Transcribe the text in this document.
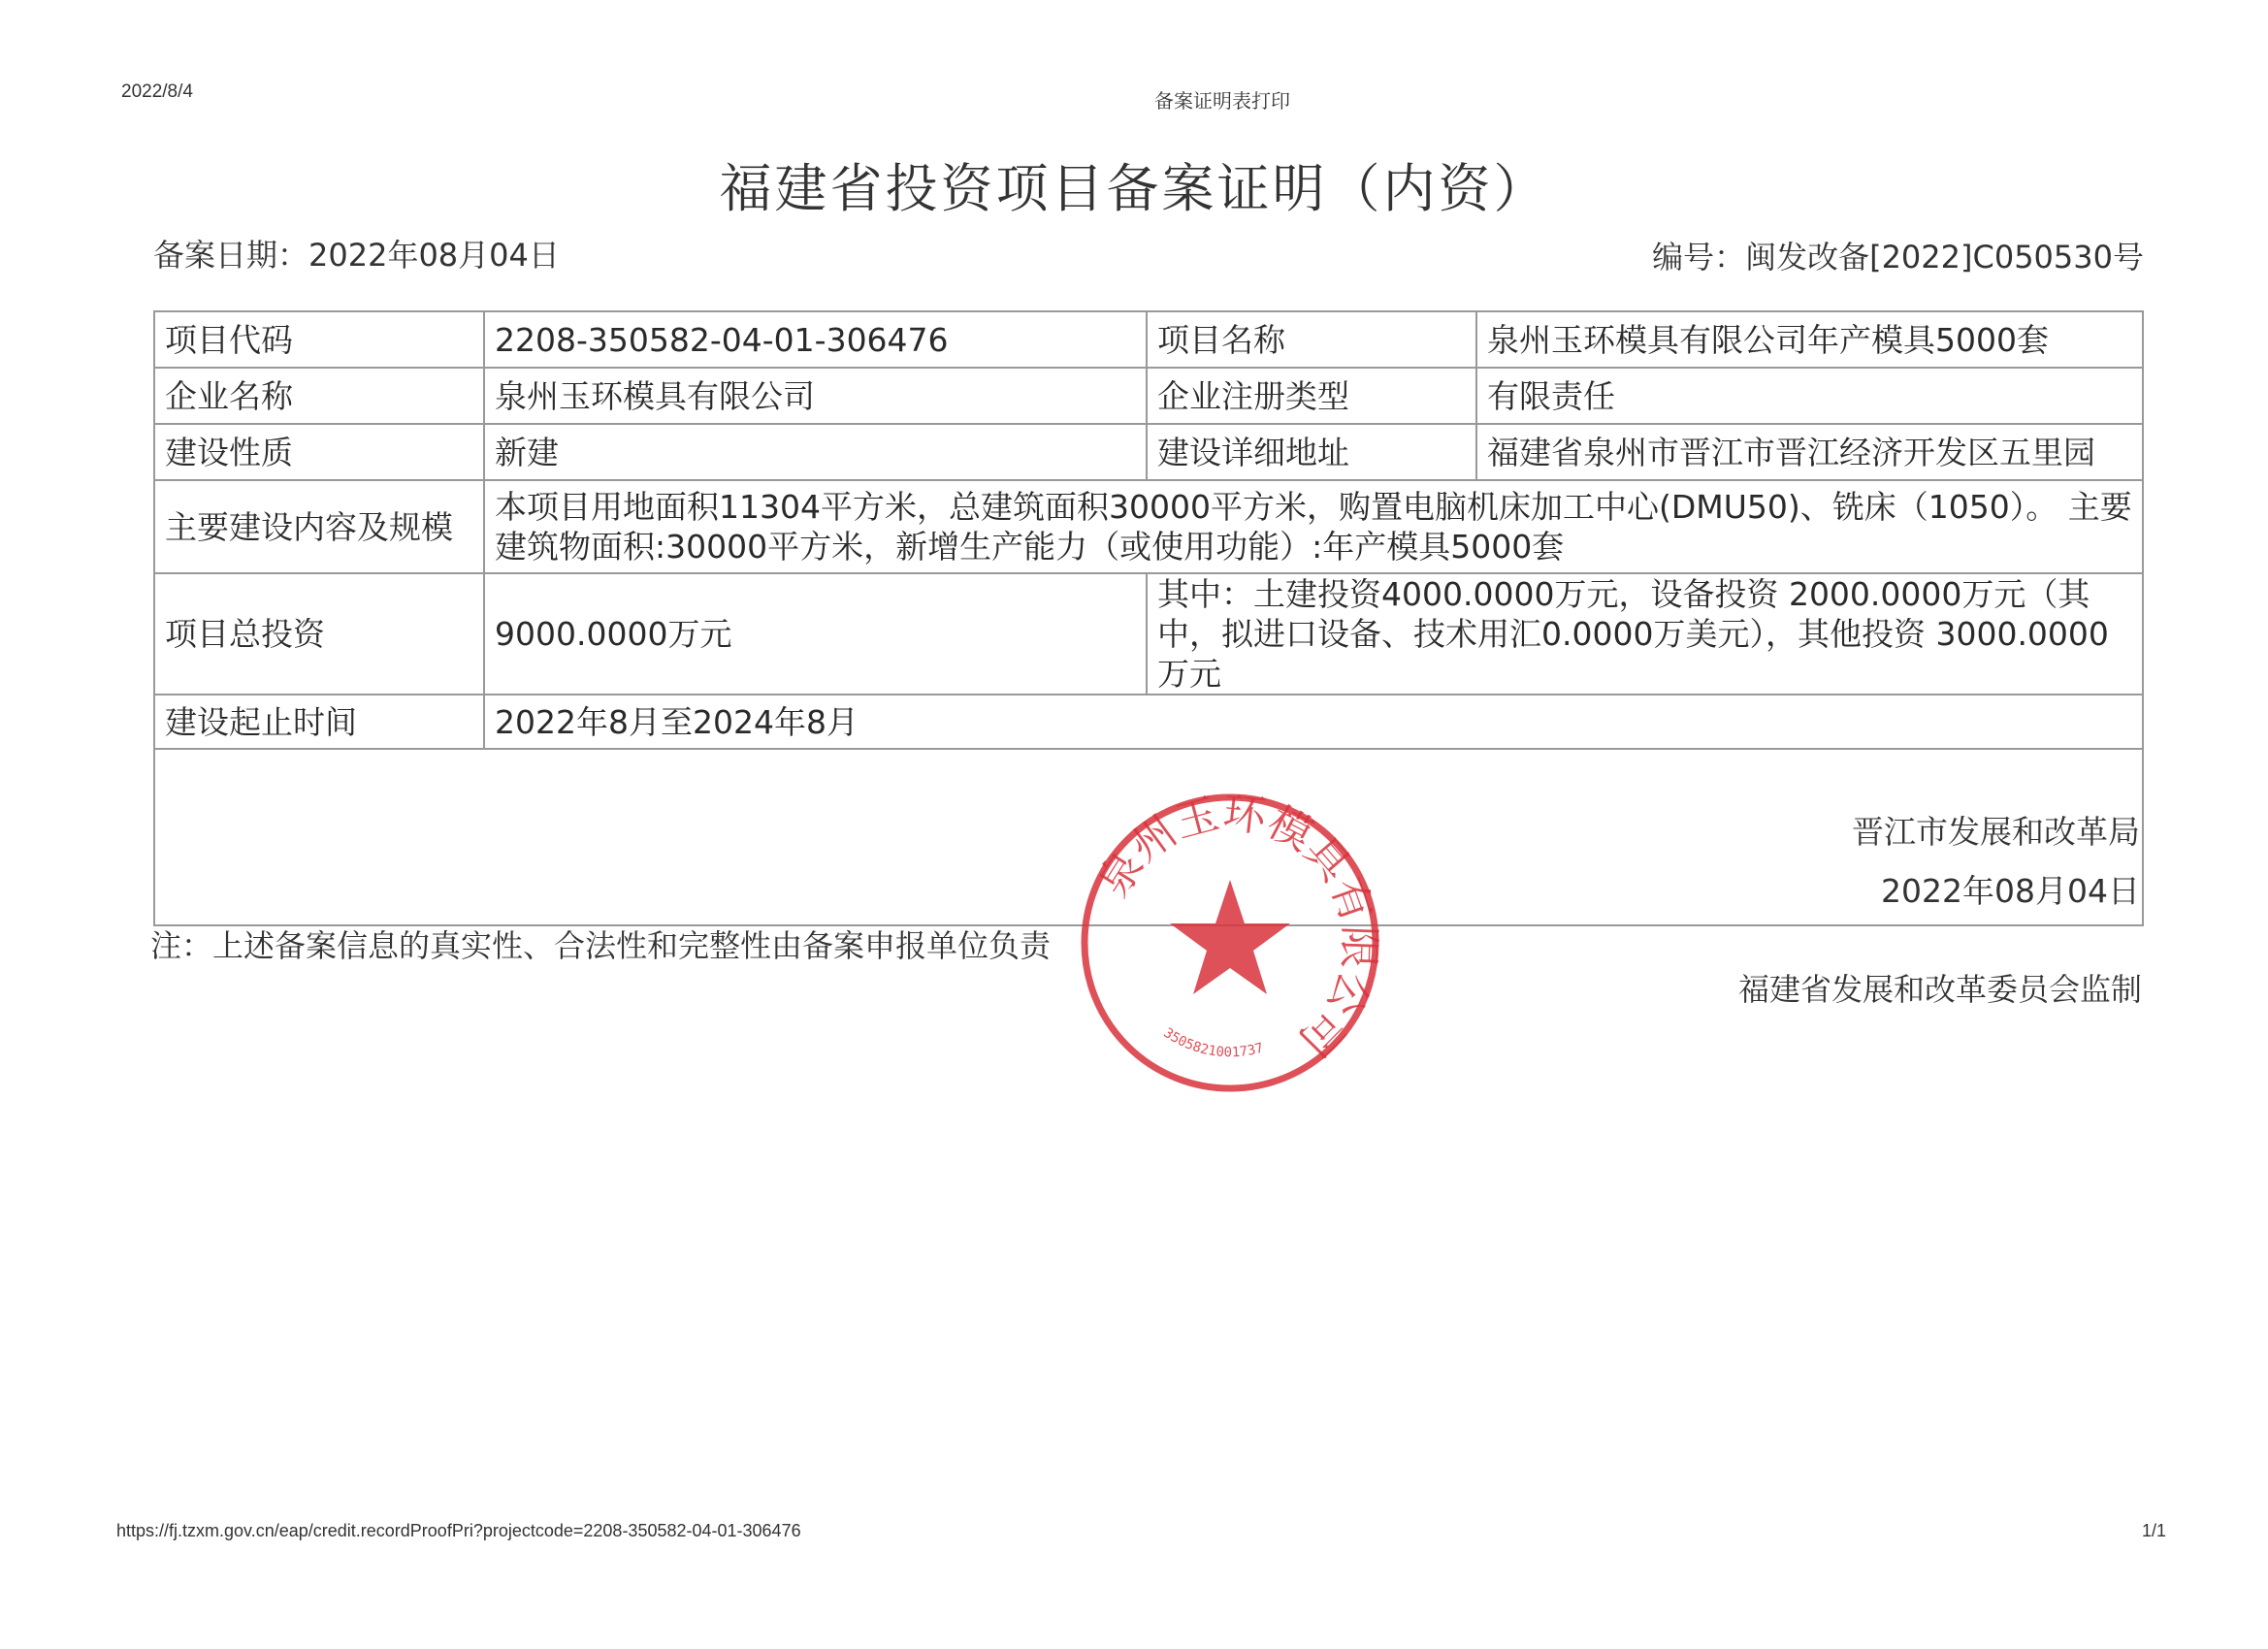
2022/8/4	备案证明表打印
福建省投资项目备案证明（内资）
备案日期：2022年08月04日	编号：闽发改备[2022]C050530号
项目代码	2208-350582-04-01-306476	项目名称	泉州玉环模具有限公司年产模具5000套
企业名称	泉州玉环模具有限公司	企业注册类型	有限责任
建设性质	新建	建设详细地址	福建省泉州市晋江市晋江经济开发区五里园
主要建设内容及规模	本项目用地面积11304平方米，总建筑面积30000平方米，购置电脑机床加工中心(DMU50)、铣床（1050）。 主要建筑物面积:30000平方米，新增生产能力（或使用功能）:年产模具5000套		
项目总投资	9000.0000万元	其中：土建投资4000.0000万元，设备投资 2000.0000万元（其中，拟进口设备、技术用汇0.0000万美元），其他投资 3000.0000万元	
建设起止时间	2022年8月至2024年8月		

晋江市发展和改革局
2022年08月04日
注：上述备案信息的真实性、合法性和完整性由备案申报单位负责
福建省发展和改革委员会监制
泉州玉环模具有限公司
3505821001737
https://fj.tzxm.gov.cn/eap/credit.recordProofPri?projectcode=2208-350582-04-01-306476	1/1
